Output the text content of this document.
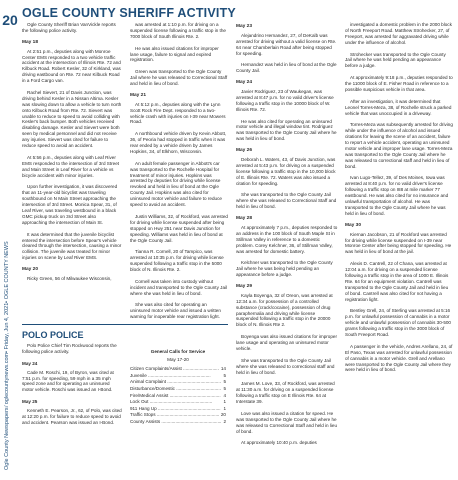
20
Ogle County Newspapers/ oglecountynews.com• Friday, Jun 4, 2021• OGLE COUNTY NEWS
OGLE COUNTY SHERIFF ACTIVITY

Ogle County Sheriff Brian VanVickle reports the following police activity.

May 18

At 2:51 p.m., deputies along with Monroe Center EMS responded to a two vehicle traffic accident at the intersection of Illinois Rte. 72 and Kilbuck Road. Robert Kesler, 32 of Kirkland, was driving eastbound on Rte. 72 near Kilbuck Road in a Ford Cargo van.

Rachel Sievert, 21 of Davis Junction, was driving behind Kesler in a Nissan Altima. Kesler was slowing down to allow a vehicle to turn north onto Kilbuck Road from Rte. 72. Sievert was unable to reduce to speed to avoid colliding with Kesler's back bumper. Both vehicles received disabling damage. Kesler and Sievert were both seen by medical personnel and did not receive any injuries. Sievert was cited for failure to reduce speed to avoid an accident.

At 5:56 p.m., deputies along with Leaf River EMS responded to the intersection of 3rd Street and Main Street in Leaf River for a vehicle vs bicycle accident with minor injuries.

Upon further investigation, it was discovered that an 11-year-old bicyclist was traveling southbound on N Main Street approaching the intersection of 3rd Street. Monica Spear, 31, of Leaf River, was traveling westbound in a black GMC pickup truck on 3rd Street also approaching the intersection of Main St.

It was determined that the juvenile bicyclist entered the intersection before Spear's vehicle cleared through the intersection, causing a minor collision. The juvenile was treated for minor injuries on scene by Leaf River EMS.

May 20

Ricky Green, 56 of Milwaukee Wisconsin,

was arrested at 1:10 p.m. for driving on a suspended license following a traffic stop in the 7000 block of South Illinois Rte. 2.

He was also issued citations for improper lane usage, failure to signal and expired registration.

Green was transported to the Ogle County Jail where he was released to Correctional Staff and held in lieu of bond.

May 21

At 5:12 p.m., deputies along with the Lynn Scott Rock Fire Dept. responded to a two-vehicle crash with injuries on I-39 near Mowers Road.

A northbound vehicle driven by Kevin Abbott, 36, of Peoria had stopped in traffic when it was rear ended by a vehicle driven by James Hopkins, 34, of Elkhorn, Wisconsin.

An adult female passenger in Abbott's car was transported to the Rochelle Hospital for treatment of minor injuries. Hopkins was arrested by deputies for driving while license revoked and held in lieu of bond at the Ogle County Jail. Hopkins was also cited for uninsured motor vehicle and failure to reduce speed to avoid an accident.

Justin Williams, 32, of Rockford, was arrested for driving while license suspended after being stopped on Hwy 251 near Davis Junction for speeding. Williams was held in lieu of bond at the Ogle County Jail.

Tianna R. Cornell, 20 of Tampico, was arrested at 10:35 p.m. for driving while license suspended following a traffic stop in the 5000 block of N. Illinois Rte. 2.

Cornell was taken into custody without incident and transported to the Ogle County Jail where she was held in lieu of bond.

She was also cited for operating an uninsured motor vehicle and issued a written warning for inoperable rear registration light.

May 23

Alejandrino Hernandez, 27, of DeKalb was arrested for driving without a valid license on Rte. 64 near Chamberlain Road after being stopped for speeding.

Hernandez was held in lieu of bond at the Ogle County Jail.

May 24

Javier Rodriguez, 23 of Waukegan, was arrested at 8:47 p.m. for no valid driver's license following a traffic stop in the 10000 block of W. Illinois Rte. 72.

He was also cited for operating an uninsured motor vehicle and illegal window tint. Rodriguez was transported to the Ogle County Jail where he was held in lieu of bond.

May 26

Deborah L. Waters, 43, of Davis Junction, was arrested at 5:43 p.m. for driving on a suspended license following a traffic stop in the 10,000 block of E. Illinois Rte. 72. Waters was also issued a citation for speeding.

She was transported to the Ogle County Jail where she was released to Correctional Staff and held in lieu of bond.

May 28

At approximately 7 p.m., deputies responded to an address in the 100 block of South Maple St in Stillman Valley in reference to a domestic problem. Corey Kelchner, 36, of Stillman Valley, was arrested for domestic battery.

Kelchner was transported to the Ogle County Jail where he was being held pending an appearance before a judge.

May 29

Kayla Boyenga, 32 of Oreon, was arrested at 12:34 a.m. for possession of a controlled substance (crack/cocaine), possession of drug paraphernalia and driving while license suspended following a traffic stop in the 20000 block of N. Illinois Rte 2.

Boyenga was also issued citations for improper lane usage and operating an uninsured motor vehicle.

She was transported to the Ogle County Jail where she was released to correctional staff and held in lieu of bond.

James M. Love, 33, of Rockford, was arrested at 11:30 a.m. for driving on a suspended license following a traffic stop on E Illinois Rte. 64 at Interstate 39.

Love was also issued a citation for speed. He was transported to the Ogle County Jail where he was released to Correctional Staff and held in lieu of bond.

At approximately 10:40 p.m. deputies

investigated a domestic problem in the 2000 block of North Freeport Road. Matthew Strohecker, 27, of Freeport, was arrested for aggravated driving while under the influence of alcohol.

Strohecker was transported to the Ogle County Jail where he was held pending an appearance before a judge.

At approximately 9:18 p.m., deputies responded to the 11000 block of E. Fisher Road in reference to a possible suspicious vehicle in that area.

After an investigation, it was determined that Leonel Torres-Meza, 38, of Rochelle struck a parked vehicle that was unoccupied in a driveway.

Torres-Meza was subsequently arrested for driving while under the influence of alcohol and issued citations for leaving the scene of an accident, failure to report a vehicle accident, operating an uninsured motor vehicle and improper lane usage. Torres-Meza was transported to the Ogle County Jail where he was released to correctional staff and held in lieu of bond.

Ivan Lugo-Tellez, 39, of Des Moines, Iowa was arrested at 8:40 p.m. for no valid driver's license following a traffic stop on I88 at mile marker 77 eastbound. He was also cited for no insurance and unlawful transportation of alcohol. He was transported to the Ogle County Jail where he was held in lieu of bond.

May 30

Kiernan Jacobson, 21 of Rockford was arrested for driving while license suspended on I-39 near Monroe Center after being stopped for speeding. He was held in lieu of bond at the jail.

Alexis D. Cantrell, 22 of Chana, was arrested at 12:04 a.m. for driving on a suspended license following a traffic stop in the area of 1000 E. Illinois Rte. 64 for an equipment violation. Cantrell was transported to the Ogle County Jail and held in lieu of bond. Cantrell was also cited for not having a registration light.

Bentley Grell, 24, of Sterling was arrested at 5:16 p.m. for unlawful possession of cannabis in a motor vehicle and unlawful possession of cannabis 30-500 grams following a traffic stop in the 3000 block of South Freeport Road.

A passenger in the vehicle, Andres Arellano, 24, of El Paso, Texas was arrested for unlawful possession of cannabis in a motor vehicle. Grell and Arellano were transported to the Ogle County Jail where they were held in lieu of bond.

POLO POLICE

Polo Police Chief Tim Rockwood reports the following police activity.

May 24

Cade M. Roschi, 19, of Byron, was cited at 7:51 p.m. for speeding, 59 mph in a 35 mph speed zone and for operating an uninsured motor vehicle. Roschi was issued an I-Bond.

May 25

Kenneth E. Pearson, Jr., 62, of Polo, was cited at 12:20 p.m. for failure to reduce speed to avoid and accident. Pearson was issued an I-Bond.

General Calls for Service
May 17-20
Citizen Complaints/Assist .....	14
Juvenile .....	5
Animal Complaint .....	5
Disturbance/Domestic .....	5
Fire/Medical Assist .....	4
Lock Out .....	1
911 Hang Up .....	1
Traffic Stops .....	20
County Assists .....	2
